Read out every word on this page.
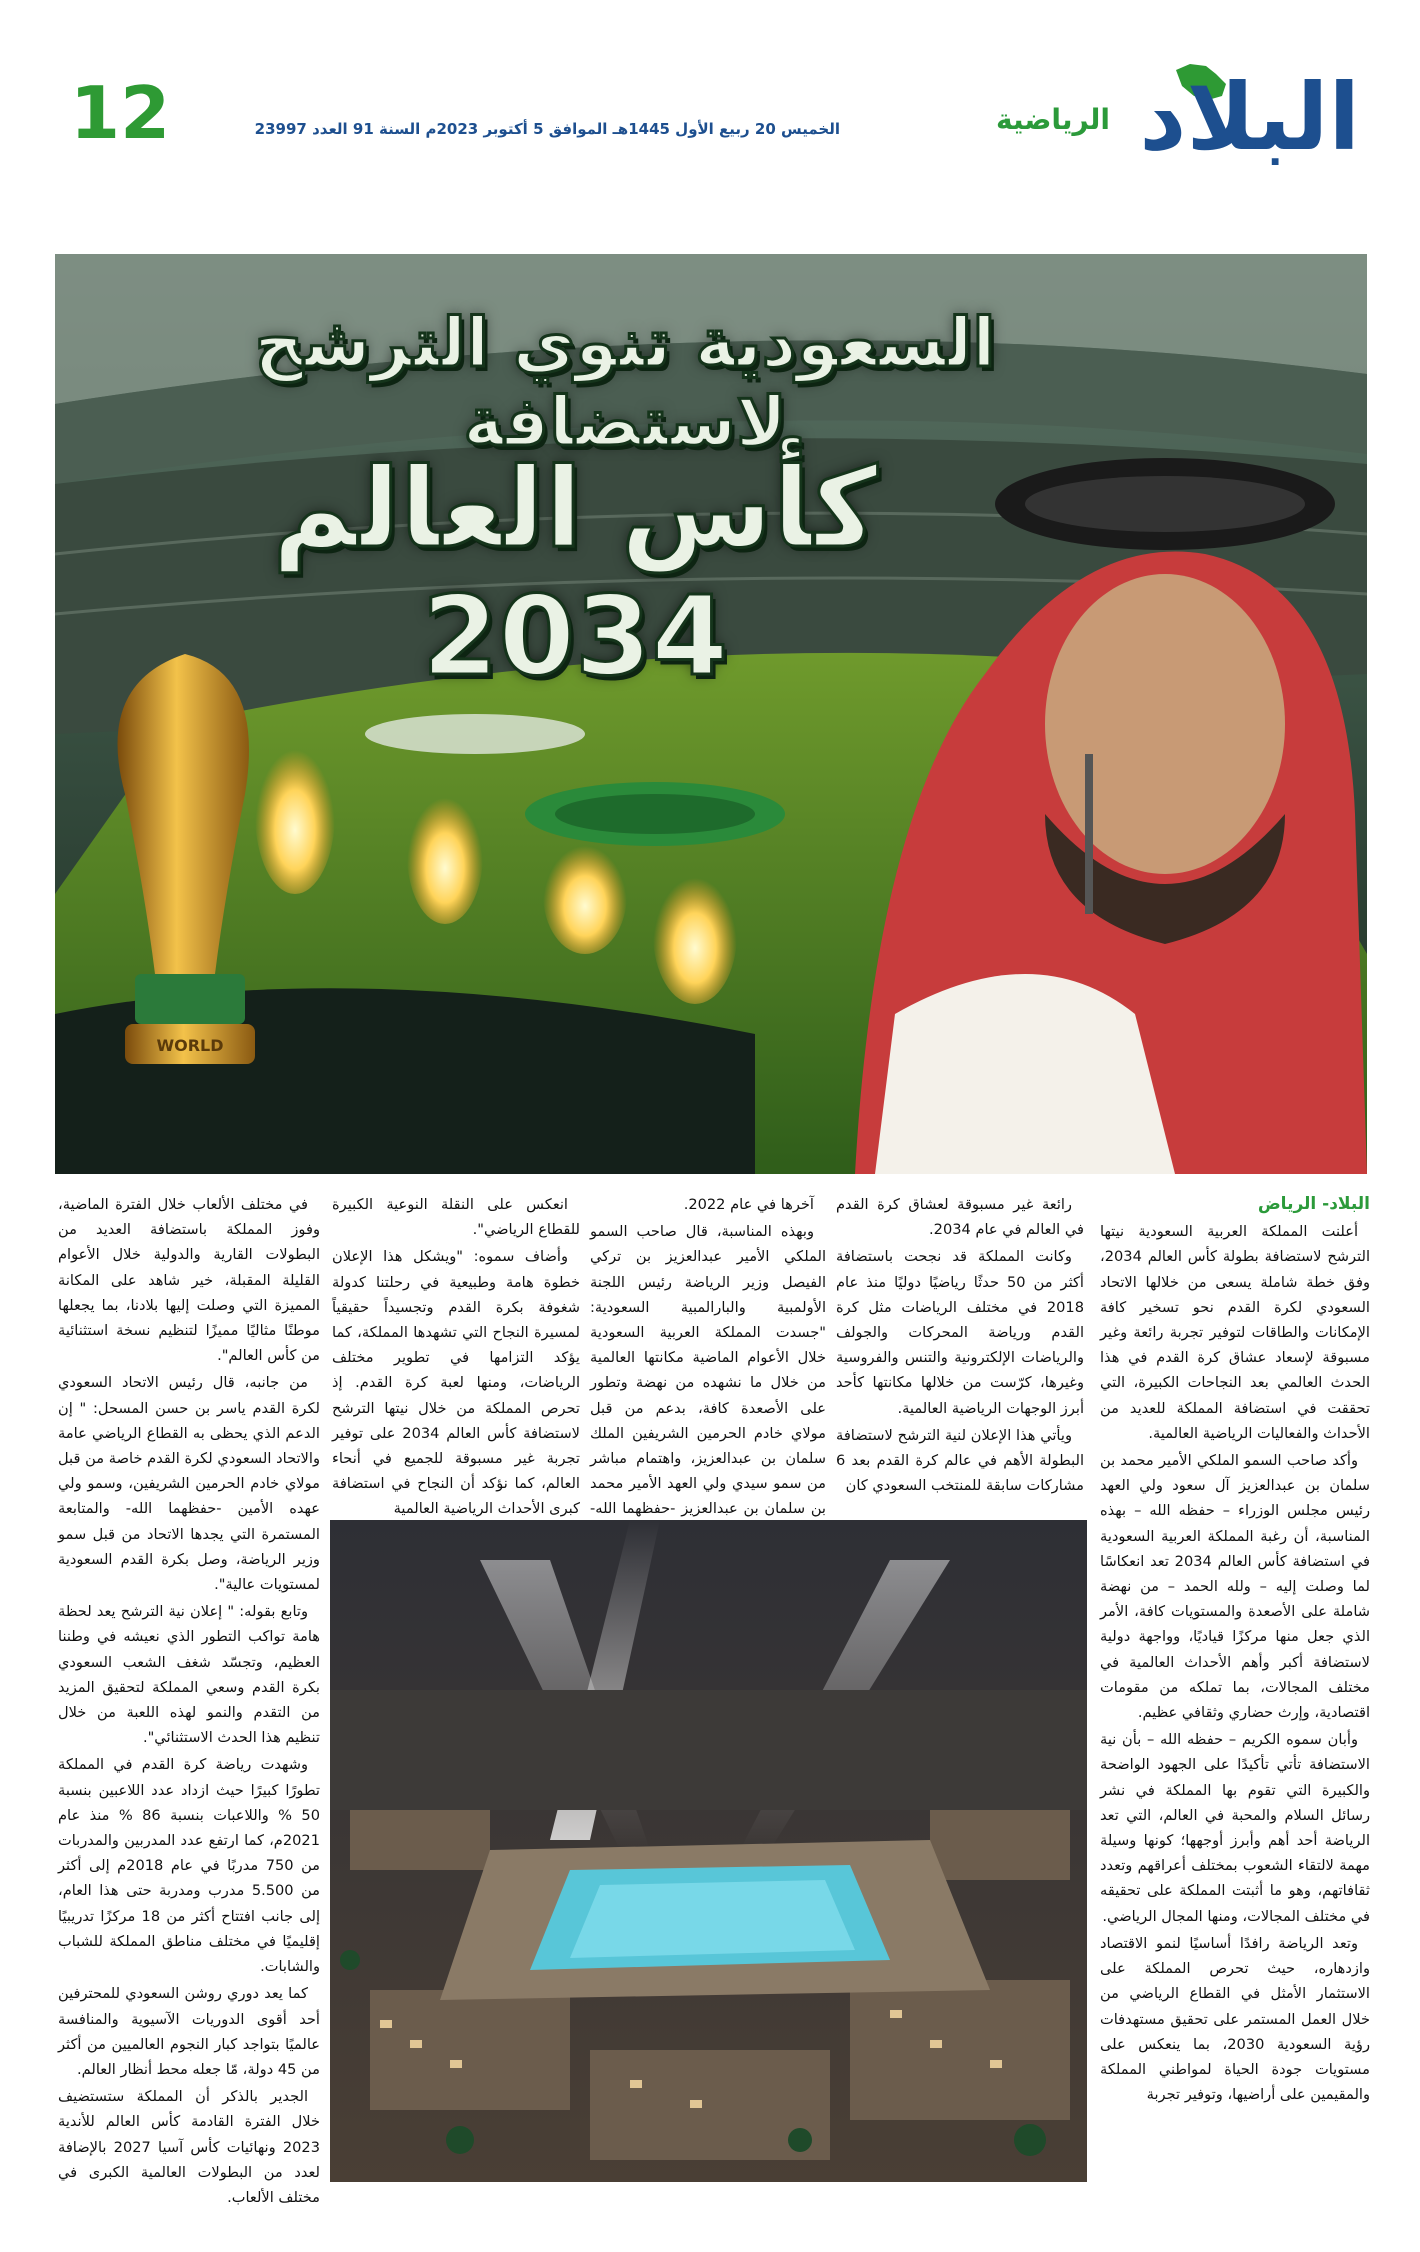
البلاد
الرياضية
الخميس 20 ربيع الأول 1445هـ الموافق 5 أكتوبر 2023م السنة 91 العدد 23997
12
WORLD
السعودية تنوي الترشح لاستضافة
كأس العالم 2034

البلاد- الرياض

أعلنت المملكة العربية السعودية نيتها الترشح لاستضافة بطولة كأس العالم 2034، وفق خطة شاملة يسعى من خلالها الاتحاد السعودي لكرة القدم نحو تسخير كافة الإمكانات والطاقات لتوفير تجربة رائعة وغير مسبوقة لإسعاد عشاق كرة القدم في هذا الحدث العالمي بعد النجاحات الكبيرة، التي تحققت في استضافة المملكة للعديد من الأحداث والفعاليات الرياضية العالمية.

وأكد صاحب السمو الملكي الأمير محمد بن سلمان بن عبدالعزيز آل سعود ولي العهد رئيس مجلس الوزراء – حفظه الله – بهذه المناسبة، أن رغبة المملكة العربية السعودية في استضافة كأس العالم 2034 تعد انعكاسًا لما وصلت إليه – ولله الحمد – من نهضة شاملة على الأصعدة والمستويات كافة، الأمر الذي جعل منها مركزًا قياديًا، وواجهة دولية لاستضافة أكبر وأهم الأحداث العالمية في مختلف المجالات، بما تملكه من مقومات اقتصادية، وإرث حضاري وثقافي عظيم.

وأبان سموه الكريم – حفظه الله – بأن نية الاستضافة تأتي تأكيدًا على الجهود الواضحة والكبيرة التي تقوم بها المملكة في نشر رسائل السلام والمحبة في العالم، التي تعد الرياضة أحد أهم وأبرز أوجهها؛ كونها وسيلة مهمة لالتقاء الشعوب بمختلف أعراقهم وتعدد ثقافاتهم، وهو ما أثبتت المملكة على تحقيقه في مختلف المجالات، ومنها المجال الرياضي.

وتعد الرياضة رافدًا أساسيًا لنمو الاقتصاد وازدهاره، حيث تحرص المملكة على الاستثمار الأمثل في القطاع الرياضي من خلال العمل المستمر على تحقيق مستهدفات رؤية السعودية 2030، بما ينعكس على مستويات جودة الحياة لمواطني المملكة والمقيمين على أراضيها، وتوفير تجربة

رائعة غير مسبوقة لعشاق كرة القدم في العالم في عام 2034.

وكانت المملكة قد نجحت باستضافة أكثر من 50 حدثًا رياضيًا دوليًا منذ عام 2018 في مختلف الرياضات مثل كرة القدم ورياضة المحركات والجولف والرياضات الإلكترونية والتنس والفروسية وغيرها، كرّست من خلالها مكانتها كأحد أبرز الوجهات الرياضية العالمية.

ويأتي هذا الإعلان لنية الترشح لاستضافة البطولة الأهم في عالم كرة القدم بعد 6 مشاركات سابقة للمنتخب السعودي كان

آخرها في عام 2022.

وبهذه المناسبة، قال صاحب السمو الملكي الأمير عبدالعزيز بن تركي الفيصل وزير الرياضة رئيس اللجنة الأولمبية والبارالمبية السعودية: "جسدت المملكة العربية السعودية خلال الأعوام الماضية مكانتها العالمية من خلال ما نشهده من نهضة وتطور على الأصعدة كافة، بدعم من قبل مولاي خادم الحرمين الشريفين الملك سلمان بن عبدالعزيز، واهتمام مباشر من سمو سيدي ولي العهد الأمير محمد بن سلمان بن عبدالعزيز -حفظهما الله-

انعكس على النقلة النوعية الكبيرة للقطاع الرياضي".

وأضاف سموه: "ويشكل هذا الإعلان خطوة هامة وطبيعية في رحلتنا كدولة شغوفة بكرة القدم وتجسيداً حقيقياً لمسيرة النجاح التي تشهدها المملكة، كما يؤكد التزامها في تطوير مختلف الرياضات، ومنها لعبة كرة القدم. إذ تحرص المملكة من خلال نيتها الترشح لاستضافة كأس العالم 2034 على توفير تجربة غير مسبوقة للجميع في أنحاء العالم، كما نؤكد أن النجاح في استضافة كبرى الأحداث الرياضية العالمية

في مختلف الألعاب خلال الفترة الماضية، وفوز المملكة باستضافة العديد من البطولات القارية والدولية خلال الأعوام القليلة المقبلة، خير شاهد على المكانة المميزة التي وصلت إليها بلادنا، بما يجعلها موطنًا مثاليًا مميزًا لتنظيم نسخة استثنائية من كأس العالم".

من جانبه، قال رئيس الاتحاد السعودي لكرة القدم ياسر بن حسن المسحل: " إن الدعم الذي يحظى به القطاع الرياضي عامة والاتحاد السعودي لكرة القدم خاصة من قبل مولاي خادم الحرمين الشريفين، وسمو ولي عهده الأمين -حفظهما الله- والمتابعة المستمرة التي يجدها الاتحاد من قبل سمو وزير الرياضة، وصل بكرة القدم السعودية لمستويات عالية".

وتابع بقوله: " إعلان نية الترشح يعد لحظة هامة تواكب التطور الذي نعيشه في وطننا العظيم، وتجسّد شغف الشعب السعودي بكرة القدم وسعي المملكة لتحقيق المزيد من التقدم والنمو لهذه اللعبة من خلال تنظيم هذا الحدث الاستثنائي".

وشهدت رياضة كرة القدم في المملكة تطورًا كبيرًا حيث ازداد عدد اللاعبين بنسبة 50 % واللاعبات بنسبة 86 % منذ عام 2021م، كما ارتفع عدد المدربين والمدربات من 750 مدربًا في عام 2018م إلى أكثر من 5.500 مدرب ومدربة حتى هذا العام، إلى جانب افتتاح أكثر من 18 مركزًا تدريبيًا إقليميًا في مختلف مناطق المملكة للشباب والشابات.

كما يعد دوري روشن السعودي للمحترفين أحد أقوى الدوريات الآسيوية والمنافسة عالميًا بتواجد كبار النجوم العالميين من أكثر من 45 دولة، مّا جعله محط أنظار العالم.

الجدير بالذكر أن المملكة ستستضيف خلال الفترة القادمة كأس العالم للأندية 2023 ونهائيات كأس آسيا 2027 بالإضافة لعدد من البطولات العالمية الكبرى في مختلف الألعاب.
